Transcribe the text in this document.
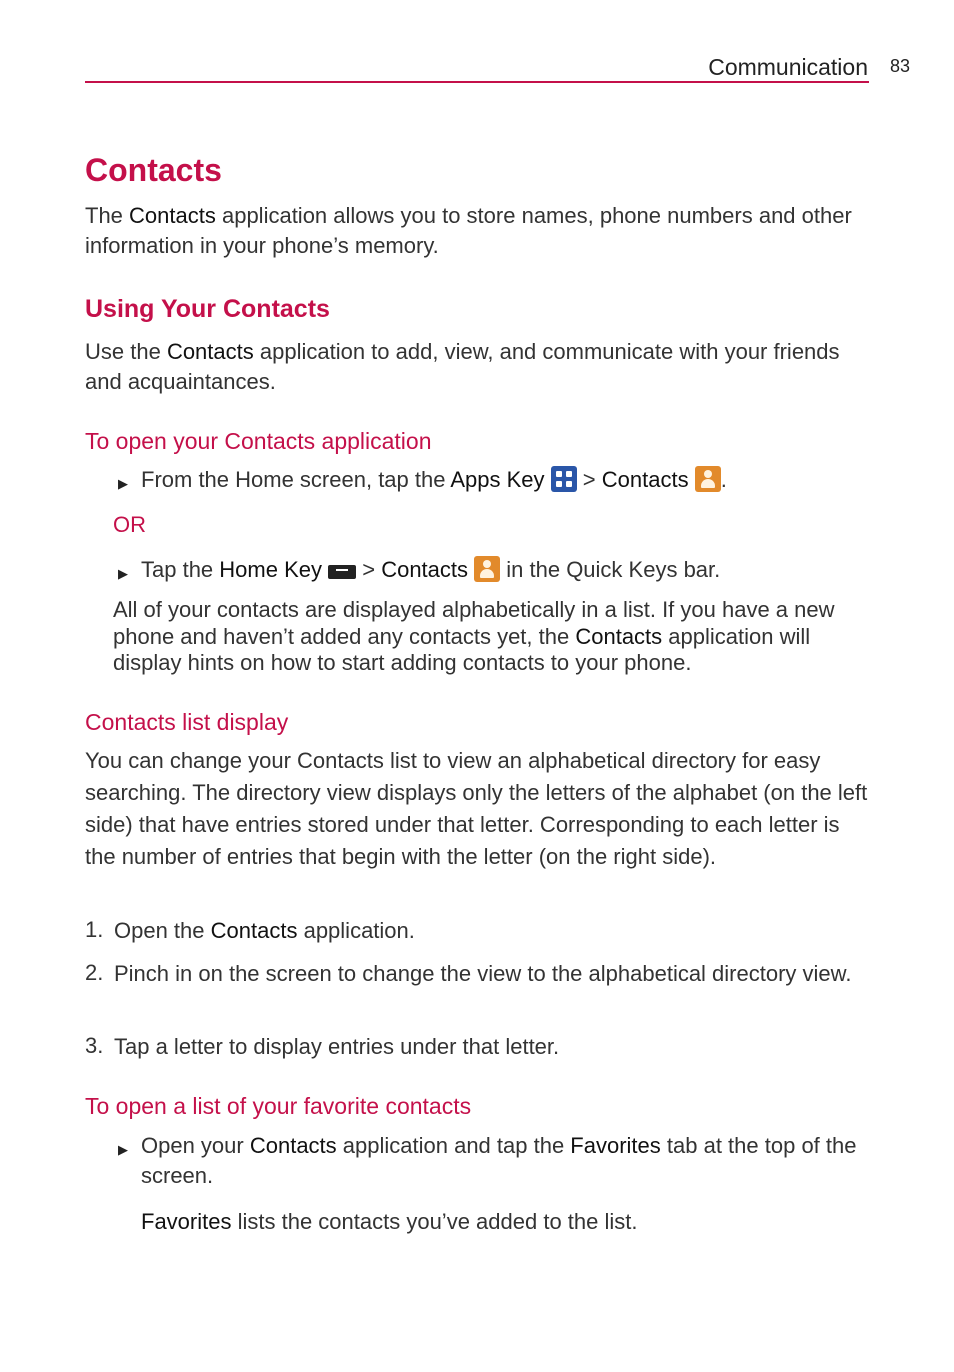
Communication 83
Contacts

The Contacts application allows you to store names, phone numbers and other information in your phone’s memory.

Using Your Contacts

Use the Contacts application to add, view, and communicate with your friends and acquaintances.

To open your Contacts application
▶ From the Home screen, tap the Apps Key
> Contacts .

OR
▶ Tap the Home Key
> Contacts
in the Quick Keys bar.

All of your contacts are displayed alphabetically in a list. If you have a new phone and haven’t added any contacts yet, the Contacts application will display hints on how to start adding contacts to your phone.

Contacts list display

You can change your Contacts list to view an alphabetical directory for easy searching. The directory view displays only the letters of the alphabet (on the left side) that have entries stored under that letter. Corresponding to each letter is the number of entries that begin with the letter (on the right side).

1. Open the Contacts application.

2. Pinch in on the screen to change the view to the alphabetical directory view.

3. Tap a letter to display entries under that letter.

To open a list of your favorite contacts
▶ Open your Contacts application and tap the Favorites tab at the top of the screen.

Favorites lists the contacts you’ve added to the list.
